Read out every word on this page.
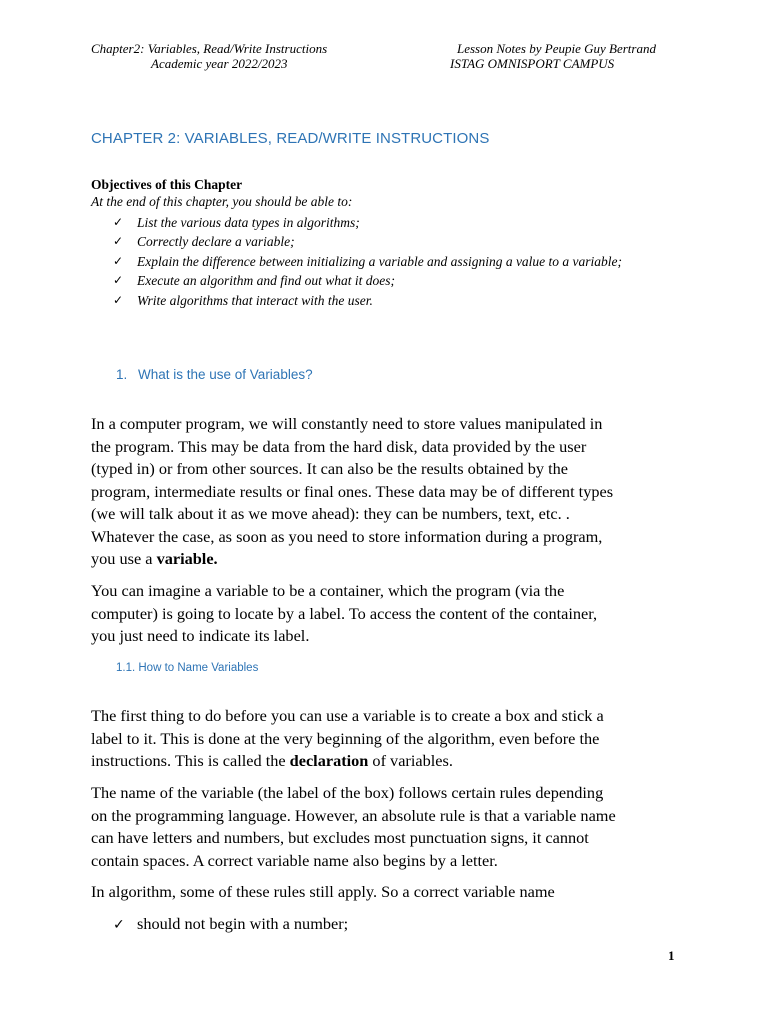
Chapter2: Variables, Read/Write Instructions
Academic year 2022/2023
Lesson Notes by Peupie Guy Bertrand
ISTAG OMNISPORT CAMPUS
CHAPTER 2: VARIABLES, READ/WRITE INSTRUCTIONS
Objectives of this Chapter
At the end of this chapter, you should be able to:
✓ List the various data types in algorithms;
✓ Correctly declare a variable;
✓ Explain the difference between initializing a variable and assigning a value to a variable;
✓ Execute an algorithm and find out what it does;
✓ Write algorithms that interact with the user.
1. What is the use of Variables?

In a computer program, we will constantly need to store values manipulated in
the program. This may be data from the hard disk, data provided by the user
(typed in) or from other sources. It can also be the results obtained by the
program, intermediate results or final ones. These data may be of different types
(we will talk about it as we move ahead): they can be numbers, text, etc. .
Whatever the case, as soon as you need to store information during a program,
you use a variable.

You can imagine a variable to be a container, which the program (via the
computer) is going to locate by a label. To access the content of the container,
you just need to indicate its label.

1.1. How to Name Variables

The first thing to do before you can use a variable is to create a box and stick a
label to it. This is done at the very beginning of the algorithm, even before the
instructions. This is called the declaration of variables.

The name of the variable (the label of the box) follows certain rules depending
on the programming language. However, an absolute rule is that a variable name
can have letters and numbers, but excludes most punctuation signs, it cannot
contain spaces. A correct variable name also begins by a letter.

In algorithm, some of these rules still apply. So a correct variable name

✓ should not begin with a number;
1
